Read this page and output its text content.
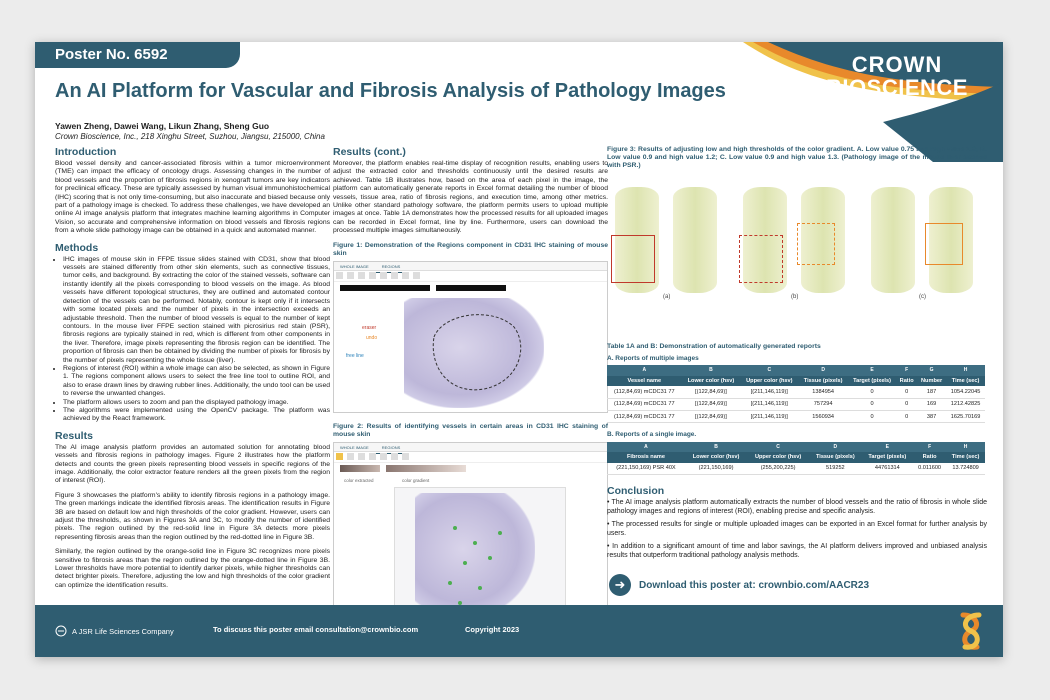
Poster No. 6592	CROWN
BIOSCIENCE
An AI Platform for Vascular and Fibrosis Analysis of Pathology Images
Yawen Zheng, Dawei Wang, Likun Zhang, Sheng Guo
Crown Bioscience, Inc., 218 Xinghu Street, Suzhou, Jiangsu, 215000, China
Introduction

Blood vessel density and cancer-associated fibrosis within a tumor microenvironment (TME) can impact the efficacy of oncology drugs. Assessing changes in the number of blood vessels and the proportion of fibrosis regions in xenograft tumors are key indicators for preclinical efficacy. These are typically assessed by human visual immunohistochemical (IHC) scoring that is not only time-consuming, but also inaccurate and biased because only part of a pathology image is checked. To address these challenges, we have developed an online AI image analysis platform that integrates machine learning algorithms in Computer Vision, so accurate and comprehensive information on blood vessels and fibrosis regions from a whole slide pathology image can be obtained in a quick and automated manner.

Methods
• IHC images of mouse skin in FFPE tissue slides stained with CD31, show that blood vessels are stained differently from other skin elements, such as connective tissues, tumor cells, and background. By extracting the color of the stained vessels, software can instantly identify all the pixels corresponding to blood vessels on the image. As blood vessels have different topological structures, they are outlined and automated contour detection of the vessels can be performed. Notably, contour is kept only if it intersects with some located pixels and the number of pixels in the intersection exceeds an adjustable threshold. Then the number of blood vessels is equal to the number of kept contours. In the mouse liver FFPE section stained with picrosirius red stain (PSR), fibrosis regions are typically stained in red, which is different from other components in the liver. Therefore, image pixels representing the fibrosis region can be identified. The proportion of fibrosis can then be obtained by dividing the number of pixels for fibrosis by the number of pixels representing the whole tissue (liver).
• Regions of interest (ROI) within a whole image can also be selected, as shown in Figure 1. The regions component allows users to select the free line tool to outline ROI, and also to erase drawn lines by drawing rubber lines. Additionally, the undo tool can be used to reverse the unwanted changes.
• The platform allows users to zoom and pan the displayed pathology image.
• The algorithms were implemented using the OpenCV package. The platform was achieved by the React framework.
Results

The AI image analysis platform provides an automated solution for annotating blood vessels and fibrosis regions in pathology images. Figure 2 illustrates how the platform detects and counts the green pixels representing blood vessels in specific regions of the image. Additionally, the color extractor feature renders all the green pixels from the region of interest (ROI).

Figure 3 showcases the platform's ability to identify fibrosis regions in a pathology image. The green markings indicate the identified fibrosis areas. The identification results in Figure 3B are based on default low and high thresholds of the color gradient. However, users can adjust the thresholds, as shown in Figures 3A and 3C, to modify the number of identified pixels. The region outlined by the red-solid line in Figure 3A detects more pixels representing fibrosis areas than the region outlined by the red-dotted line in Figure 3B.

Similarly, the region outlined by the orange-solid line in Figure 3C recognizes more pixels sensitive to fibrosis areas than the region outlined by the orange-dotted line in Figure 3B. Lower thresholds have more potential to identify darker pixels, while higher thresholds can detect brighter pixels. Therefore, adjusting the low and high thresholds of the color gradient can optimize the identification results.

Results (cont.)

Moreover, the platform enables real-time display of recognition results, enabling users to adjust the extracted color and thresholds continuously until the desired results are achieved. Table 1B illustrates how, based on the area of each pixel in the image, the platform can automatically generate reports in Excel format detailing the number of blood vessels, tissue area, ratio of fibrosis regions, and execution time, among other metrics. Unlike other standard pathology software, the platform permits users to upload multiple images at once. Table 1A demonstrates how the processed results for all uploaded images can be recorded in Excel format, line by line. Furthermore, users can download the processed multiple images simultaneously.

Figure 1: Demonstration of the Regions component in CD31 IHC staining of mouse skin
WHOLE IMAGE	REGIONS
eraser
undo
free line
Figure 2: Results of identifying vessels in certain areas in CD31 IHC staining of mouse skin
WHOLE IMAGE	REGIONS
color extracted	color gradient
Figure 3: Results of adjusting low and high thresholds of the color gradient. A. Low value 0.75 and high value 1.2; B. Low value 0.9 and high value 1.2; C. Low value 0.9 and high value 1.3. (Pathology image of the mouse liver stained with PSR.)
(a)	(b)	(c)
Table 1A and B: Demonstration of automatically generated reports
A. Reports of multiple images
A	B	C	D	E	F	G	H
Vessel name	Lower color (hsv)	Upper color (hsv)	Tissue (pixels)	Target (pixels)	Ratio	Number	Time (sec)
(112,84,69) mCDC31 77	[(122,84,69)]	[(211,146,119)]	1384954	0	0	187	1054.22045
(112,84,69) mCDC31 77	[(122,84,69)]	[(211,146,119)]	757294	0	0	169	1212.42825
(112,84,69) mCDC31 77	[(122,84,69)]	[(211,146,119)]	1560934	0	0	387	1625.70169
B. Reports of a single image.
A	B	C	D	E	F	H
Fibrosis name	Lower color (hsv)	Upper color (hsv)	Tissue (pixels)	Target (pixels)	Ratio	Time (sec)
(221,150,169) PSR 40X	(221,150,169)	(255,200,225)	519252	44761314	0.011600	13.724809
Conclusion

• The AI image analysis platform automatically extracts the number of blood vessels and the ratio of fibrosis in whole slide pathology images and regions of interest (ROI), enabling precise and specific analysis.

• The processed results for single or multiple uploaded images can be exported in an Excel format for further analysis by users.

• In addition to a significant amount of time and labor savings, the AI platform delivers improved and unbiased analysis results that outperform traditional pathology analysis methods.

➜	Download this poster at: crownbio.com/AACR23
A JSR Life Sciences Company	To discuss this poster email consultation@crownbio.com	Copyright 2023
